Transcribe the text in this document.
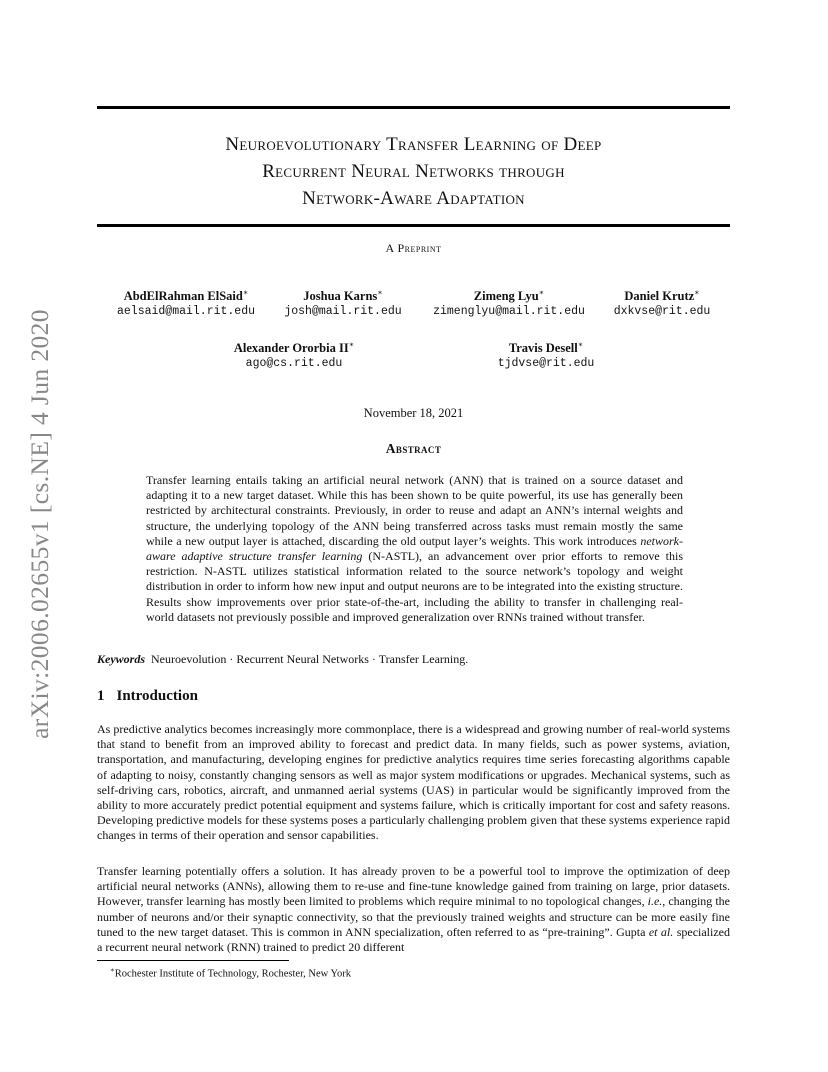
arXiv:2006.02655v1 [cs.NE] 4 Jun 2020
Neuroevolutionary Transfer Learning of Deep
Recurrent Neural Networks through
Network-Aware Adaptation
A Preprint
AbdElRahman ElSaid∗
aelsaid@mail.rit.edu
Joshua Karns∗
josh@mail.rit.edu
Zimeng Lyu∗
zimenglyu@mail.rit.edu
Daniel Krutz∗
dxkvse@rit.edu
Alexander Ororbia II∗
ago@cs.rit.edu
Travis Desell∗
tjdvse@rit.edu
November 18, 2021
Abstract
Transfer learning entails taking an artificial neural network (ANN) that is trained on a source dataset and adapting it to a new target dataset. While this has been shown to be quite powerful, its use has generally been restricted by architectural constraints. Previously, in order to reuse and adapt an ANN’s internal weights and structure, the underlying topology of the ANN being transferred across tasks must remain mostly the same while a new output layer is attached, discarding the old output layer’s weights. This work introduces network-aware adaptive structure transfer learning (N-ASTL), an advancement over prior efforts to remove this restriction. N-ASTL utilizes statistical information related to the source network’s topology and weight distribution in order to inform how new input and output neurons are to be integrated into the existing structure. Results show improvements over prior state-of-the-art, including the ability to transfer in challenging real-world datasets not previously possible and improved generalization over RNNs trained without transfer.
Keywords Neuroevolution · Recurrent Neural Networks · Transfer Learning.
1 Introduction
As predictive analytics becomes increasingly more commonplace, there is a widespread and growing number of real-world systems that stand to benefit from an improved ability to forecast and predict data. In many fields, such as power systems, aviation, transportation, and manufacturing, developing engines for predictive analytics requires time series forecasting algorithms capable of adapting to noisy, constantly changing sensors as well as major system modifications or upgrades. Mechanical systems, such as self-driving cars, robotics, aircraft, and unmanned aerial systems (UAS) in particular would be significantly improved from the ability to more accurately predict potential equipment and systems failure, which is critically important for cost and safety reasons. Developing predictive models for these systems poses a particularly challenging problem given that these systems experience rapid changes in terms of their operation and sensor capabilities.
Transfer learning potentially offers a solution. It has already proven to be a powerful tool to improve the optimization of deep artificial neural networks (ANNs), allowing them to re-use and fine-tune knowledge gained from training on large, prior datasets. However, transfer learning has mostly been limited to problems which require minimal to no topological changes, i.e., changing the number of neurons and/or their synaptic connectivity, so that the previously trained weights and structure can be more easily fine tuned to the new target dataset. This is common in ANN specialization, often referred to as “pre-training”. Gupta et al. specialized a recurrent neural network (RNN) trained to predict 20 different
∗Rochester Institute of Technology, Rochester, New York
